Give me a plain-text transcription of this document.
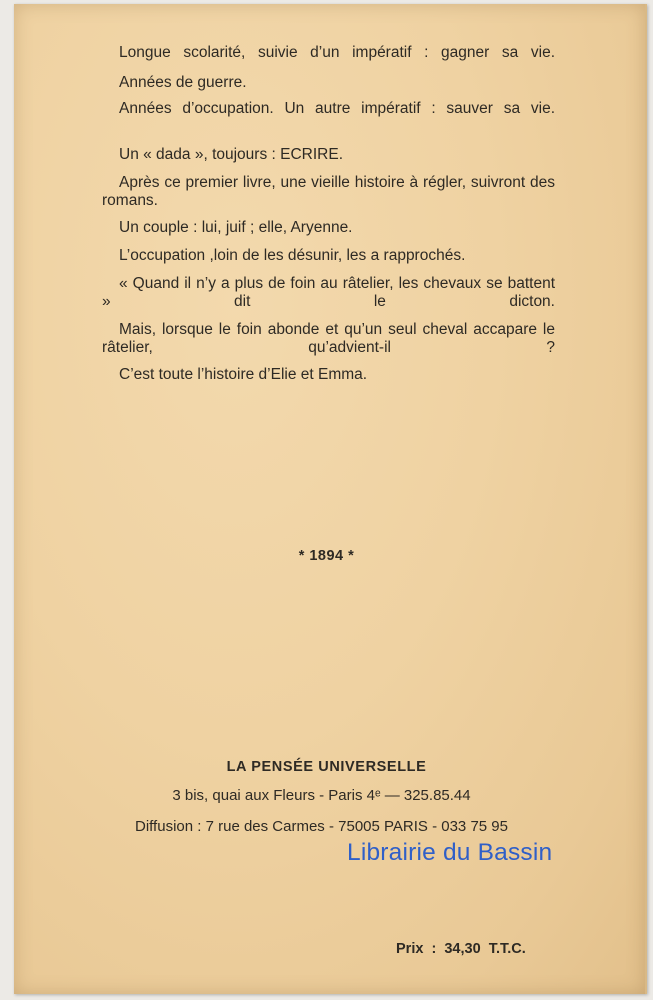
Longue scolarité, suivie d’un impératif : gagner sa vie.

Années de guerre.

Années d’occupation. Un autre impératif : sauver sa vie.

Un « dada », toujours : ECRIRE.

Après ce premier livre, une vieille histoire à régler, suivront des romans.

Un couple : lui, juif ; elle, Aryenne.

L’occupation ,loin de les désunir, les a rapprochés.

« Quand il n’y a plus de foin au râtelier, les chevaux se battent » dit le dicton.

Mais, lorsque le foin abonde et qu’un seul cheval accapare le râtelier, qu’advient-il ?

C’est toute l’histoire d’Elie et Emma.

* 1894 *
LA PENSÉE UNIVERSELLE
3 bis, quai aux Fleurs - Paris 4ᵉ — 325.85.44
Diffusion : 7 rue des Carmes - 75005 PARIS - 033 75 95
Librairie du Bassin
Prix  :  34,30  T.T.C.
